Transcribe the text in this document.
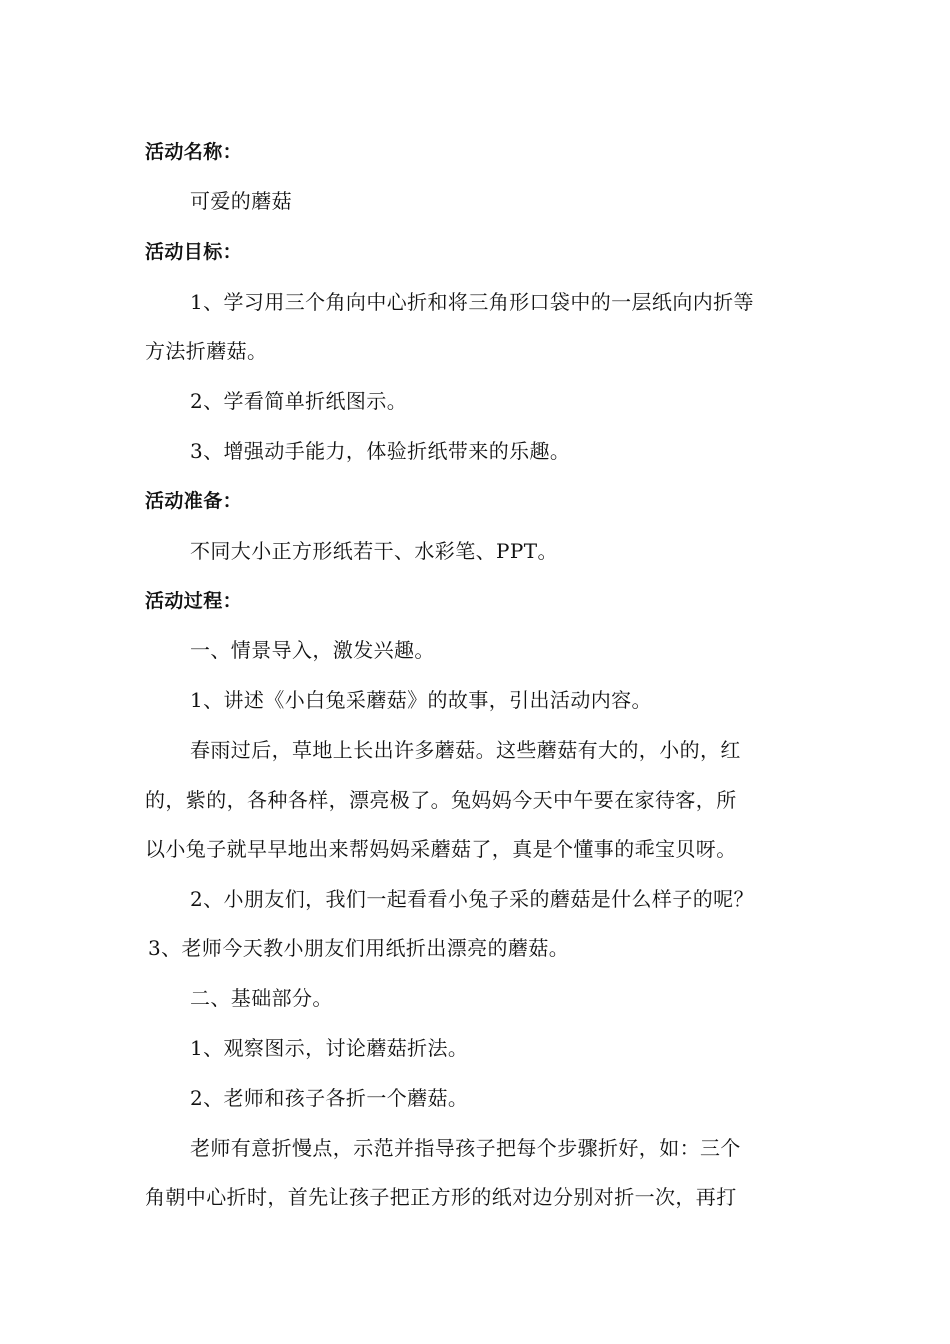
活动名称：
可爱的蘑菇
活动目标：
1、学习用三个角向中心折和将三角形口袋中的一层纸向内折等
方法折蘑菇。
2、学看简单折纸图示。
3、增强动手能力，体验折纸带来的乐趣。
活动准备：
不同大小正方形纸若干、水彩笔、PPT。
活动过程：
一、情景导入，激发兴趣。
1、讲述《小白兔采蘑菇》的故事，引出活动内容。
春雨过后，草地上长出许多蘑菇。这些蘑菇有大的，小的，红
的，紫的，各种各样，漂亮极了。兔妈妈今天中午要在家待客，所
以小兔子就早早地出来帮妈妈采蘑菇了，真是个懂事的乖宝贝呀。
2、小朋友们，我们一起看看小兔子采的蘑菇是什么样子的呢？
3、老师今天教小朋友们用纸折出漂亮的蘑菇。
二、基础部分。
1、观察图示，讨论蘑菇折法。
2、老师和孩子各折一个蘑菇。
老师有意折慢点，示范并指导孩子把每个步骤折好，如：三个
角朝中心折时，首先让孩子把正方形的纸对边分别对折一次，再打
